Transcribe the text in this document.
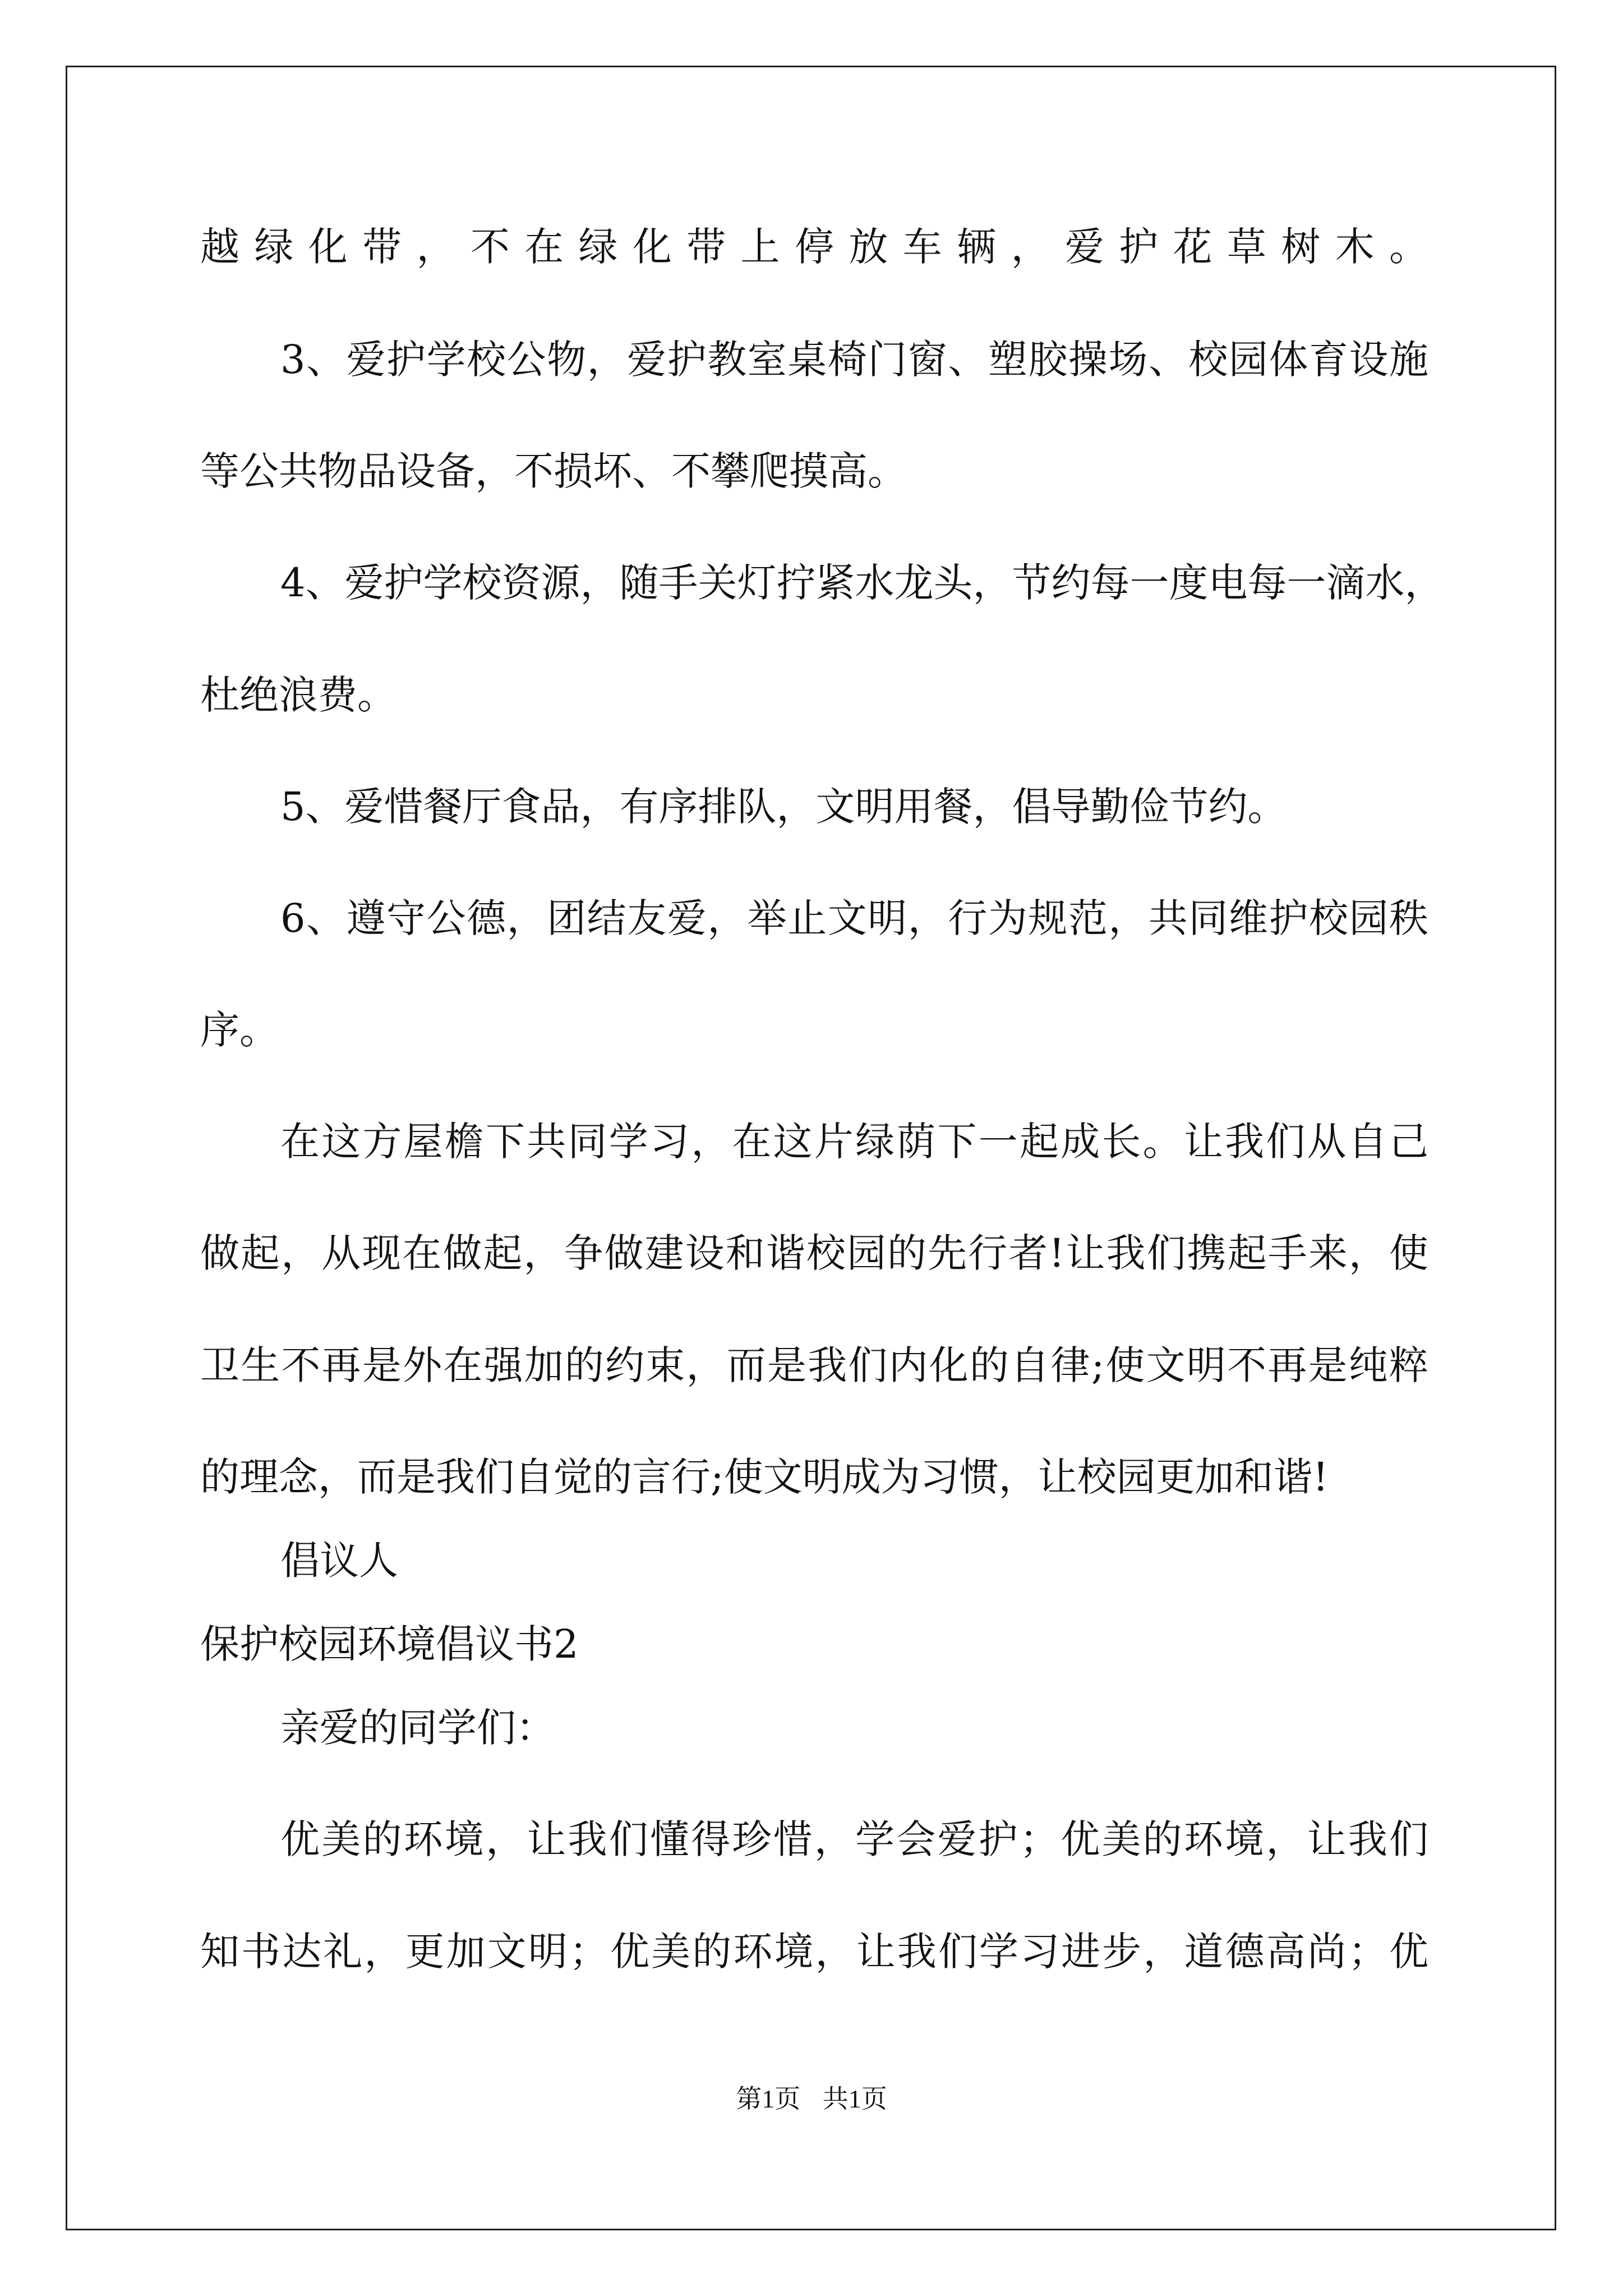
越绿化带，不在绿化带上停放车辆，爱护花草树木。
3、爱护学校公物，爱护教室桌椅门窗、塑胶操场、校园体育设施
等公共物品设备，不损坏、不攀爬摸高。
4、爱护学校资源，随手关灯拧紧水龙头，节约每一度电每一滴水，
杜绝浪费。
5、爱惜餐厅食品，有序排队，文明用餐，倡导勤俭节约。
6、遵守公德，团结友爱，举止文明，行为规范，共同维护校园秩
序。
在这方屋檐下共同学习，在这片绿荫下一起成长。让我们从自己
做起，从现在做起，争做建设和谐校园的先行者!让我们携起手来，使
卫生不再是外在强加的约束，而是我们内化的自律;使文明不再是纯粹
的理念，而是我们自觉的言行;使文明成为习惯，让校园更加和谐!
倡议人
保护校园环境倡议书2
亲爱的同学们：
优美的环境，让我们懂得珍惜，学会爱护；优美的环境，让我们
知书达礼，更加文明；优美的环境，让我们学习进步，道德高尚；优
第1页 共1页
